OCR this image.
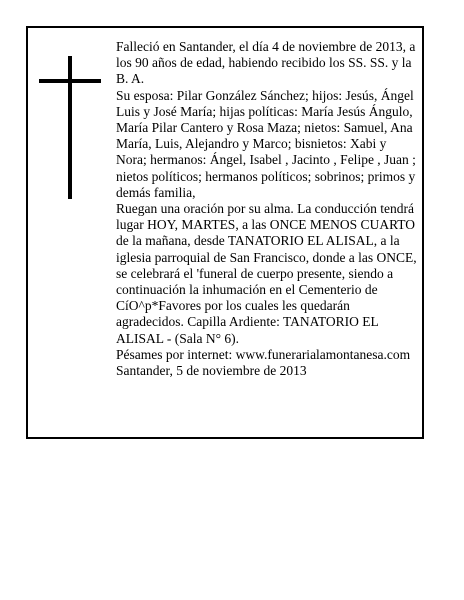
Falleció en Santander, el día 4 de noviembre de 2013, a los 90 años de edad, habiendo recibido los SS. SS. y la B. A.

Su esposa: Pilar González Sánchez; hijos: Jesús, Ángel Luis y José María; hijas políticas: María Jesús Ángulo, María Pilar Cantero y Rosa Maza; nietos: Samuel, Ana María, Luis, Alejandro y Marco; bisnietos: Xabi y Nora; hermanos: Ángel, Isabel , Jacinto , Felipe , Juan ; nietos políticos; hermanos políticos; sobrinos; primos y demás familia,

Ruegan una oración por su alma. La conducción tendrá lugar HOY, MARTES, a las ONCE MENOS CUARTO de la mañana, desde TANATORIO EL ALISAL, a la iglesia parroquial de San Francisco, donde a las ONCE, se celebrará el 'funeral de cuerpo presente, siendo a continuación la inhumación en el Cementerio de CíO^p*Favores por los cuales les quedarán agradecidos. Capilla Ardiente: TANATORIO EL ALISAL - (Sala N° 6).

Pésames por internet: www.funerarialamontanesa.com

Santander, 5 de noviembre de 2013
